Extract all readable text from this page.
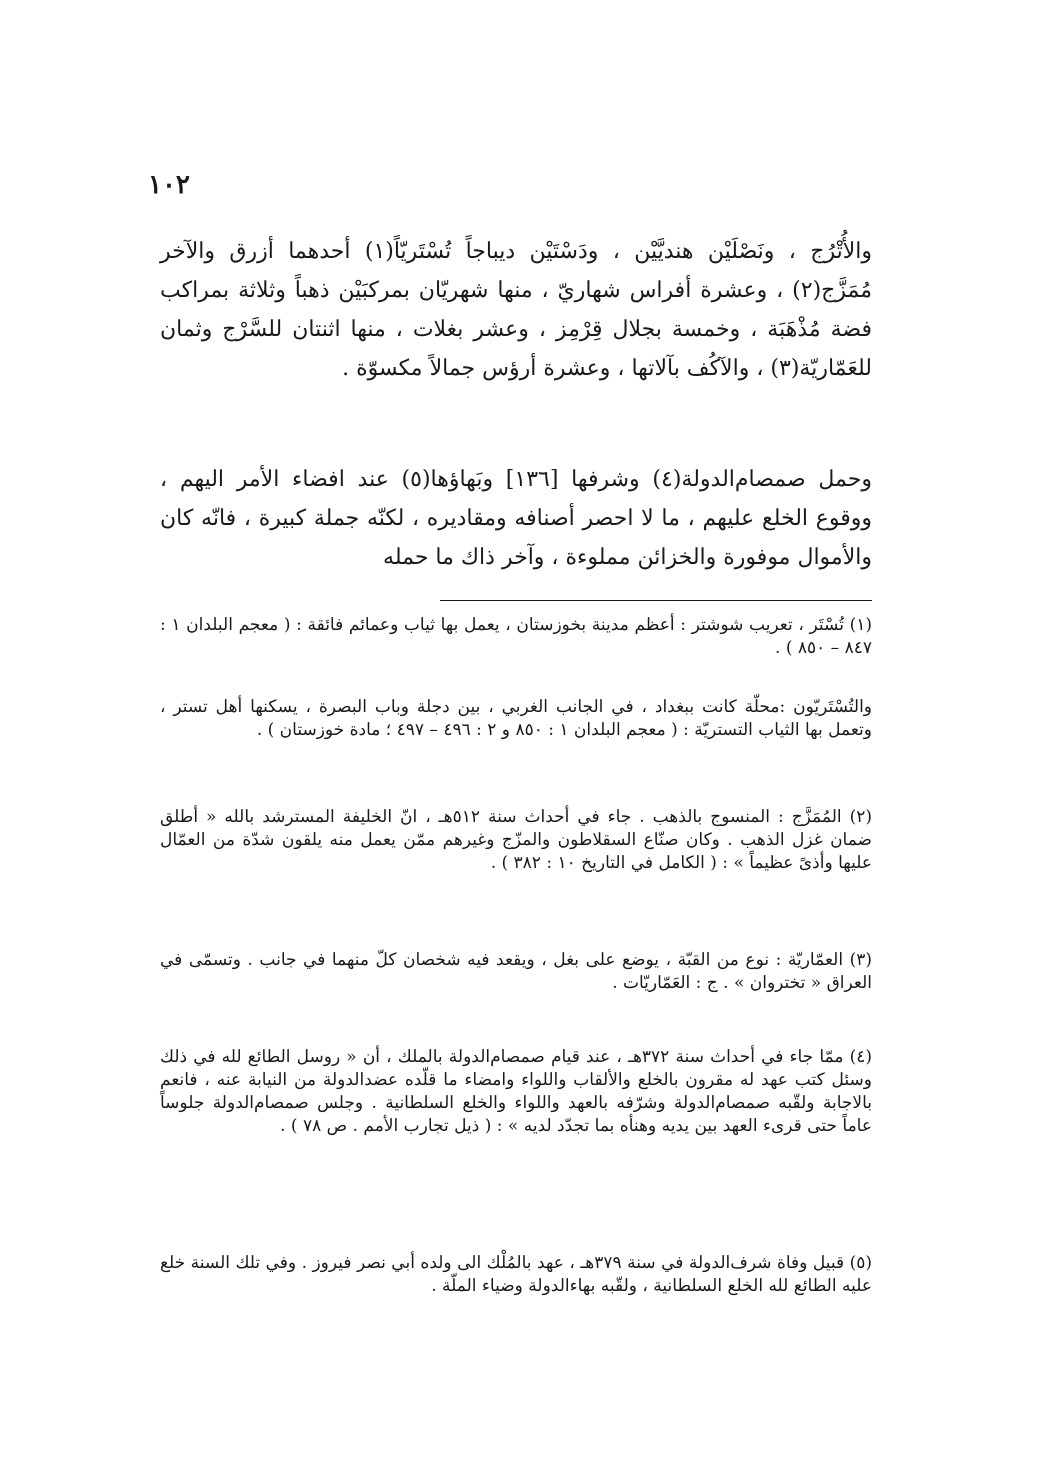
١٠٢

والأُتْرُج ، ونَصْلَيْن هنديَّيْن ، ودَسْتَيْن ديباجاً تُسْتَريّاً(١) أحدهما أزرق والآخر مُمَزَّج(٢) ، وعشرة أفراس شهاريّ ، منها شهريّان بمركبَيْن ذهباً وثلاثة بمراكب فضة مُذْهَبَة ، وخمسة بجلال قِرْمِز ، وعشر بغلات ، منها اثنتان للسَّرْج وثمان للعَمّاريّة(٣) ، والآكُف بآلاتها ، وعشرة أرؤس جمالاً مكسوّة .

وحمل صمصام‌الدولة(٤) وشرفها [١٣٦] وبَهاؤها(٥) عند افضاء الأمر اليهم ، ووقوع الخلع عليهم ، ما لا احصر أصنافه ومقاديره ، لكنّه جملة كبيرة ، فانّه كان والأموال موفورة والخزائن مملوءة ، وآخر ذاك ما حمله

(١) تُسْتَر ، تعريب شوشتر : أعظم مدينة بخوزستان ، يعمل بها ثياب وعمائم فائقة : ( معجم البلدان ١ : ٨٤٧ – ٨٥٠ ) .

والتُسْتَريّون :محلّة كانت ببغداد ، في الجانب الغربي ، بين دجلة وباب البصرة ، يسكنها أهل تستر ، وتعمل بها الثياب التستريّة : ( معجم البلدان ١ : ٨٥٠ و ٢ : ٤٩٦ – ٤٩٧ ؛ مادة خوزستان ) .

(٢) المُمَزَّج : المنسوج بالذهب . جاء في أحداث سنة ٥١٢هـ ، انّ الخليفة المسترشد بالله « أطلق ضمان غزل الذهب . وكان صنّاع السقلاطون والمزّج وغيرهم ممّن يعمل منه يلقون شدّة من العمّال عليها وأذىً عظيماً » : ( الكامل في التاريخ ١٠ : ٣٨٢ ) .

(٣) العمّاريّة : نوع من القبّة ، يوضع على بغل ، ويقعد فيه شخصان كلّ منهما في جانب . وتسمّى في العراق « تختروان » . ج : العَمّاريّات .

(٤) ممّا جاء في أحداث سنة ٣٧٢هـ ، عند قيام صمصام‌الدولة بالملك ، أن « روسل الطائع لله في ذلك وسئل كتب عهد له مقرون بالخلع والألقاب واللواء وامضاء ما قلّده عضدالدولة من النيابة عنه ، فانعم بالاجابة ولقّبه صمصام‌الدولة وشرّفه بالعهد واللواء والخلع السلطانية . وجلس صمصام‌الدولة جلوساً عاماً حتى قرىء العهد بين يديه وهنأه بما تجدّد لديه » : ( ذيل تجارب الأمم . ص ٧٨ ) .

(٥) قبيل وفاة شرف‌الدولة في سنة ٣٧٩هـ ، عهد بالمُلْك الى ولده أبي نصر فيروز . وفي تلك السنة خلع عليه الطائع لله الخلع السلطانية ، ولقّبه بهاءالدولة وضياء الملّة .
